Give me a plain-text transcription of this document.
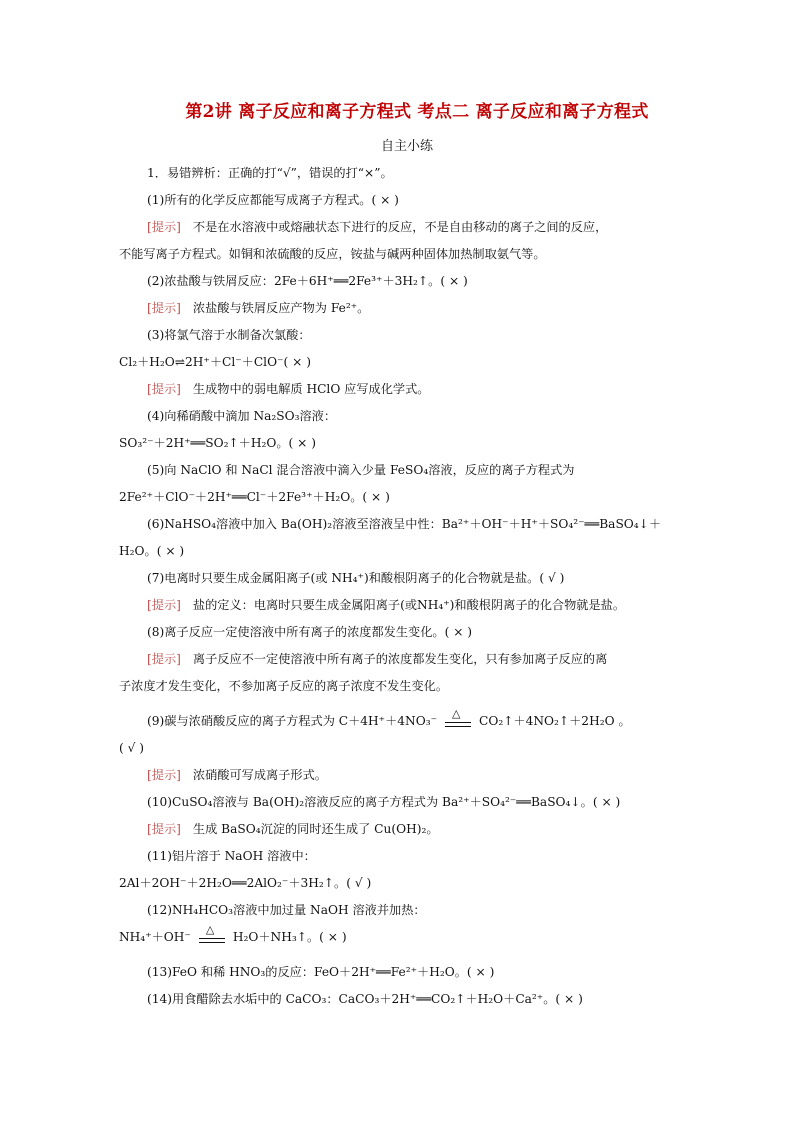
第2讲 离子反应和离子方程式 考点二 离子反应和离子方程式
自主小练
1．易错辨析：正确的打“√”，错误的打“×”。
(1)所有的化学反应都能写成离子方程式。( × )
[ 提示 ] 不是在水溶液中或熔融状态下进行的反应，不是自由移动的离子之间的反应，
不能写离子方程式。如铜和浓硫酸的反应，铵盐与碱两种固体加热制取氨气等。
(2)浓盐酸与铁屑反应：2Fe＋6H⁺══2Fe³⁺＋3H₂↑。( × )
[ 提示 ] 浓盐酸与铁屑反应产物为 Fe²⁺。
(3)将氯气溶于水制备次氯酸：
Cl₂＋H₂O⇌2H⁺＋Cl⁻＋ClO⁻( × )
[ 提示 ] 生成物中的弱电解质 HClO 应写成化学式。
(4)向稀硝酸中滴加 Na₂SO₃溶液：
SO₃²⁻＋2H⁺══SO₂↑＋H₂O。( × )
(5)向 NaClO 和 NaCl 混合溶液中滴入少量 FeSO₄溶液，反应的离子方程式为
2Fe²⁺＋ClO⁻＋2H⁺══Cl⁻＋2Fe³⁺＋H₂O。( × )
(6)NaHSO₄溶液中加入 Ba(OH)₂溶液至溶液呈中性：Ba²⁺＋OH⁻＋H⁺＋SO₄²⁻══BaSO₄↓＋
H₂O。( × )
(7)电离时只要生成金属阳离子(或 NH₄⁺)和酸根阴离子的化合物就是盐。( √ )
[ 提示 ] 盐的定义：电离时只要生成金属阳离子(或NH₄⁺)和酸根阴离子的化合物就是盐。
(8)离子反应一定使溶液中所有离子的浓度都发生变化。( × )
[ 提示 ] 离子反应不一定使溶液中所有离子的浓度都发生变化，只有参加离子反应的离
子浓度才发生变化，不参加离子反应的离子浓度不发生变化。
(9)碳与浓硝酸反应的离子方程式为 C＋4H⁺＋4NO₃⁻
△
CO₂↑＋4NO₂↑＋2H₂O 。
( √ )
[ 提示 ] 浓硝酸可写成离子形式。
(10)CuSO₄溶液与 Ba(OH)₂溶液反应的离子方程式为 Ba²⁺＋SO₄²⁻══BaSO₄↓。( × )
[ 提示 ] 生成 BaSO₄沉淀的同时还生成了 Cu(OH)₂。
(11)铝片溶于 NaOH 溶液中：
2Al＋2OH⁻＋2H₂O══2AlO₂⁻＋3H₂↑。( √ )
(12)NH₄HCO₃溶液中加过量 NaOH 溶液并加热：
NH₄⁺＋OH⁻
△
H₂O＋NH₃↑。( × )
(13)FeO 和稀 HNO₃的反应：FeO＋2H⁺══Fe²⁺＋H₂O。( × )
(14)用食醋除去水垢中的 CaCO₃：CaCO₃＋2H⁺══CO₂↑＋H₂O＋Ca²⁺。( × )
